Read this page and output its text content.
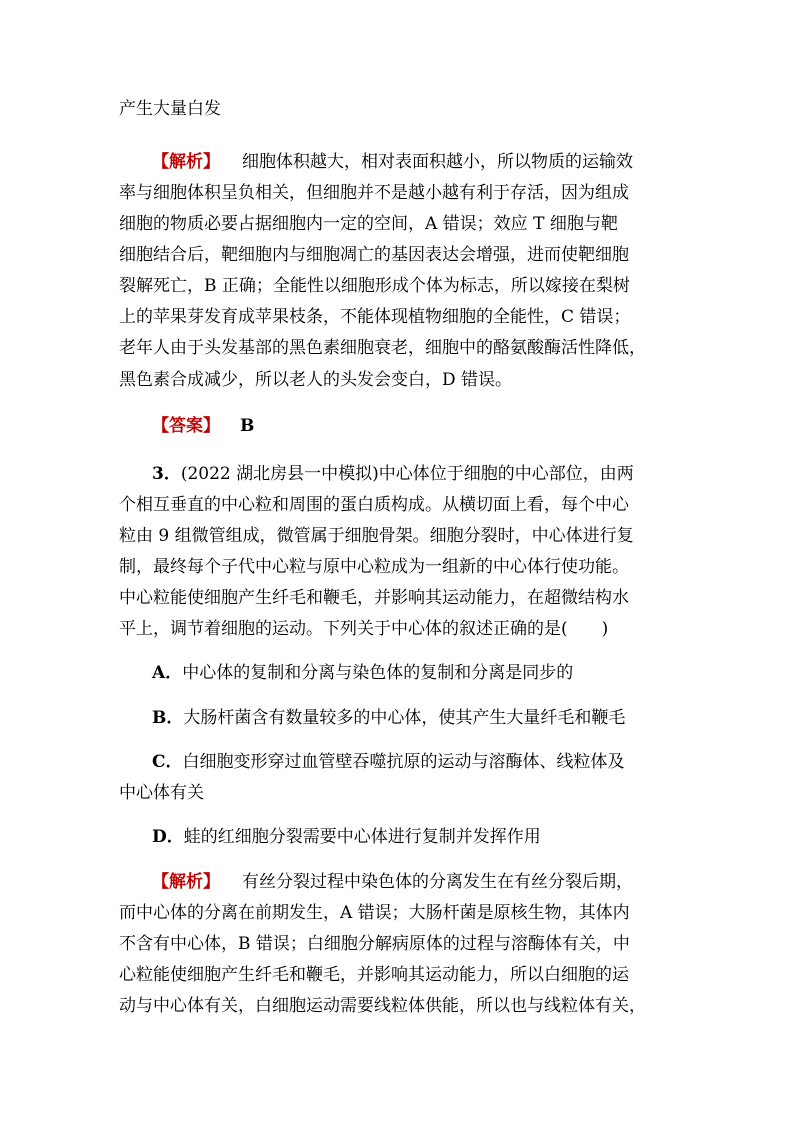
产生大量白发
【解析】 细胞体积越大，相对表面积越小，所以物质的运输效
率与细胞体积呈负相关，但细胞并不是越小越有利于存活，因为组成
细胞的物质必要占据细胞内一定的空间，A 错误；效应 T 细胞与靶
细胞结合后，靶细胞内与细胞凋亡的基因表达会增强，进而使靶细胞
裂解死亡，B 正确；全能性以细胞形成个体为标志，所以嫁接在梨树
上的苹果芽发育成苹果枝条，不能体现植物细胞的全能性，C 错误；
老年人由于头发基部的黑色素细胞衰老，细胞中的酪氨酸酶活性降低，
黑色素合成减少，所以老人的头发会变白，D 错误。
【答案】 B
3．(2022 湖北房县一中模拟)中心体位于细胞的中心部位，由两
个相互垂直的中心粒和周围的蛋白质构成。从横切面上看，每个中心
粒由 9 组微管组成，微管属于细胞骨架。细胞分裂时，中心体进行复
制，最终每个子代中心粒与原中心粒成为一组新的中心体行使功能。
中心粒能使细胞产生纤毛和鞭毛，并影响其运动能力，在超微结构水
平上，调节着细胞的运动。下列关于中心体的叙述正确的是(　　)
A．中心体的复制和分离与染色体的复制和分离是同步的
B．大肠杆菌含有数量较多的中心体，使其产生大量纤毛和鞭毛
C．白细胞变形穿过血管壁吞噬抗原的运动与溶酶体、线粒体及
中心体有关
D．蛙的红细胞分裂需要中心体进行复制并发挥作用
【解析】 有丝分裂过程中染色体的分离发生在有丝分裂后期，
而中心体的分离在前期发生，A 错误；大肠杆菌是原核生物，其体内
不含有中心体，B 错误；白细胞分解病原体的过程与溶酶体有关，中
心粒能使细胞产生纤毛和鞭毛，并影响其运动能力，所以白细胞的运
动与中心体有关，白细胞运动需要线粒体供能，所以也与线粒体有关，
